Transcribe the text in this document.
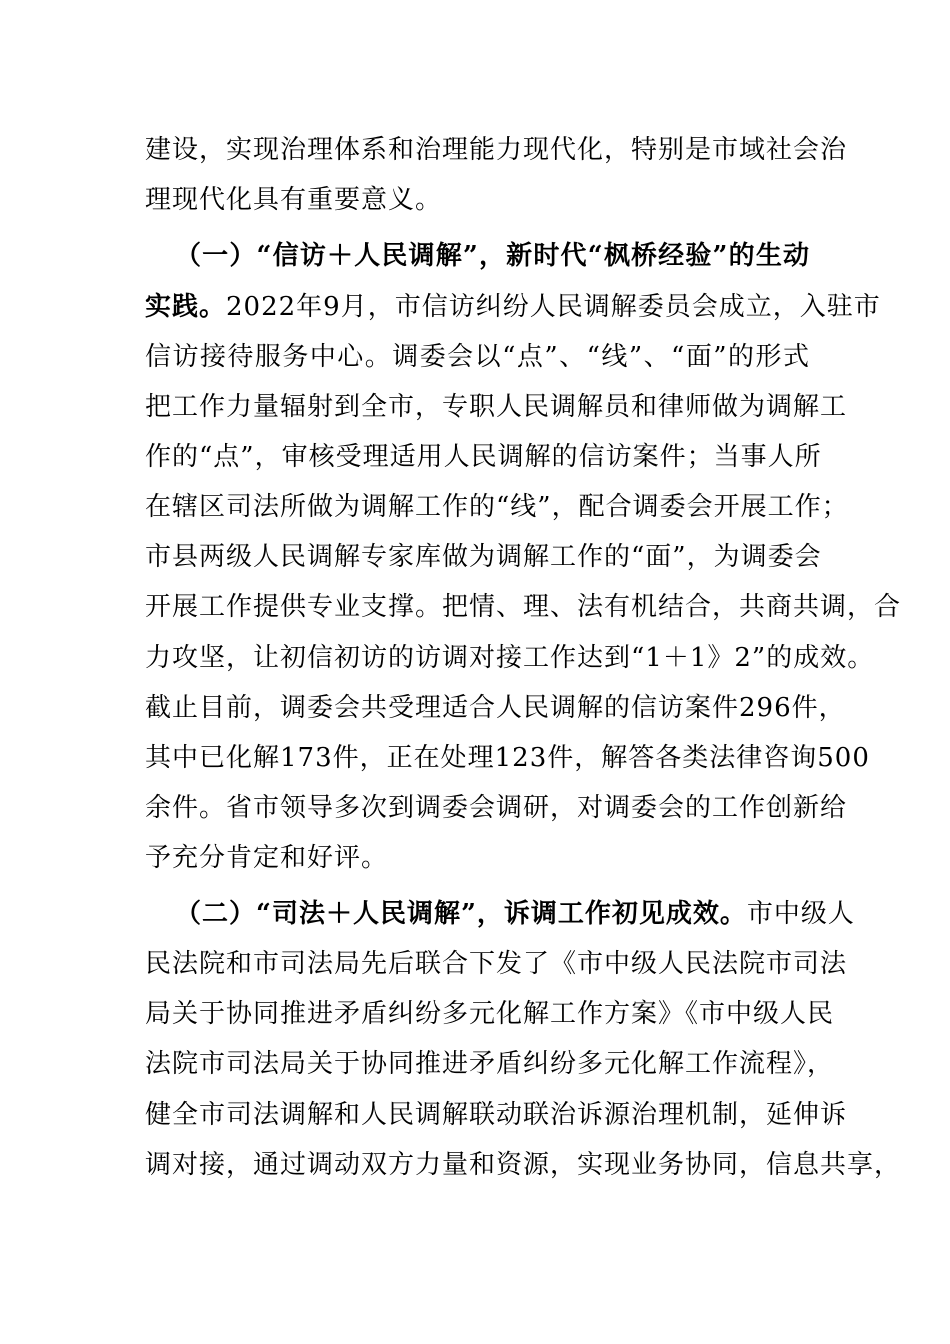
建设，实现治理体系和治理能力现代化，特别是市域社会治
理现代化具有重要意义。
（一）“信访＋人民调解”，新时代“枫桥经验”的生动
实践。2022年9月，市信访纠纷人民调解委员会成立，入驻市
信访接待服务中心。调委会以“点”、“线”、“面”的形式
把工作力量辐射到全市，专职人民调解员和律师做为调解工
作的“点”，审核受理适用人民调解的信访案件；当事人所
在辖区司法所做为调解工作的“线”，配合调委会开展工作；
市县两级人民调解专家库做为调解工作的“面”，为调委会
开展工作提供专业支撑。把情、理、法有机结合，共商共调，合
力攻坚，让初信初访的访调对接工作达到“1＋1》2”的成效。
截止目前，调委会共受理适合人民调解的信访案件296件，
其中已化解173件，正在处理123件，解答各类法律咨询500
余件。省市领导多次到调委会调研，对调委会的工作创新给
予充分肯定和好评。
（二）“司法＋人民调解”，诉调工作初见成效。市中级人
民法院和市司法局先后联合下发了《市中级人民法院市司法
局关于协同推进矛盾纠纷多元化解工作方案》《市中级人民
法院市司法局关于协同推进矛盾纠纷多元化解工作流程》，
健全市司法调解和人民调解联动联治诉源治理机制，延伸诉
调对接，通过调动双方力量和资源，实现业务协同，信息共享，
